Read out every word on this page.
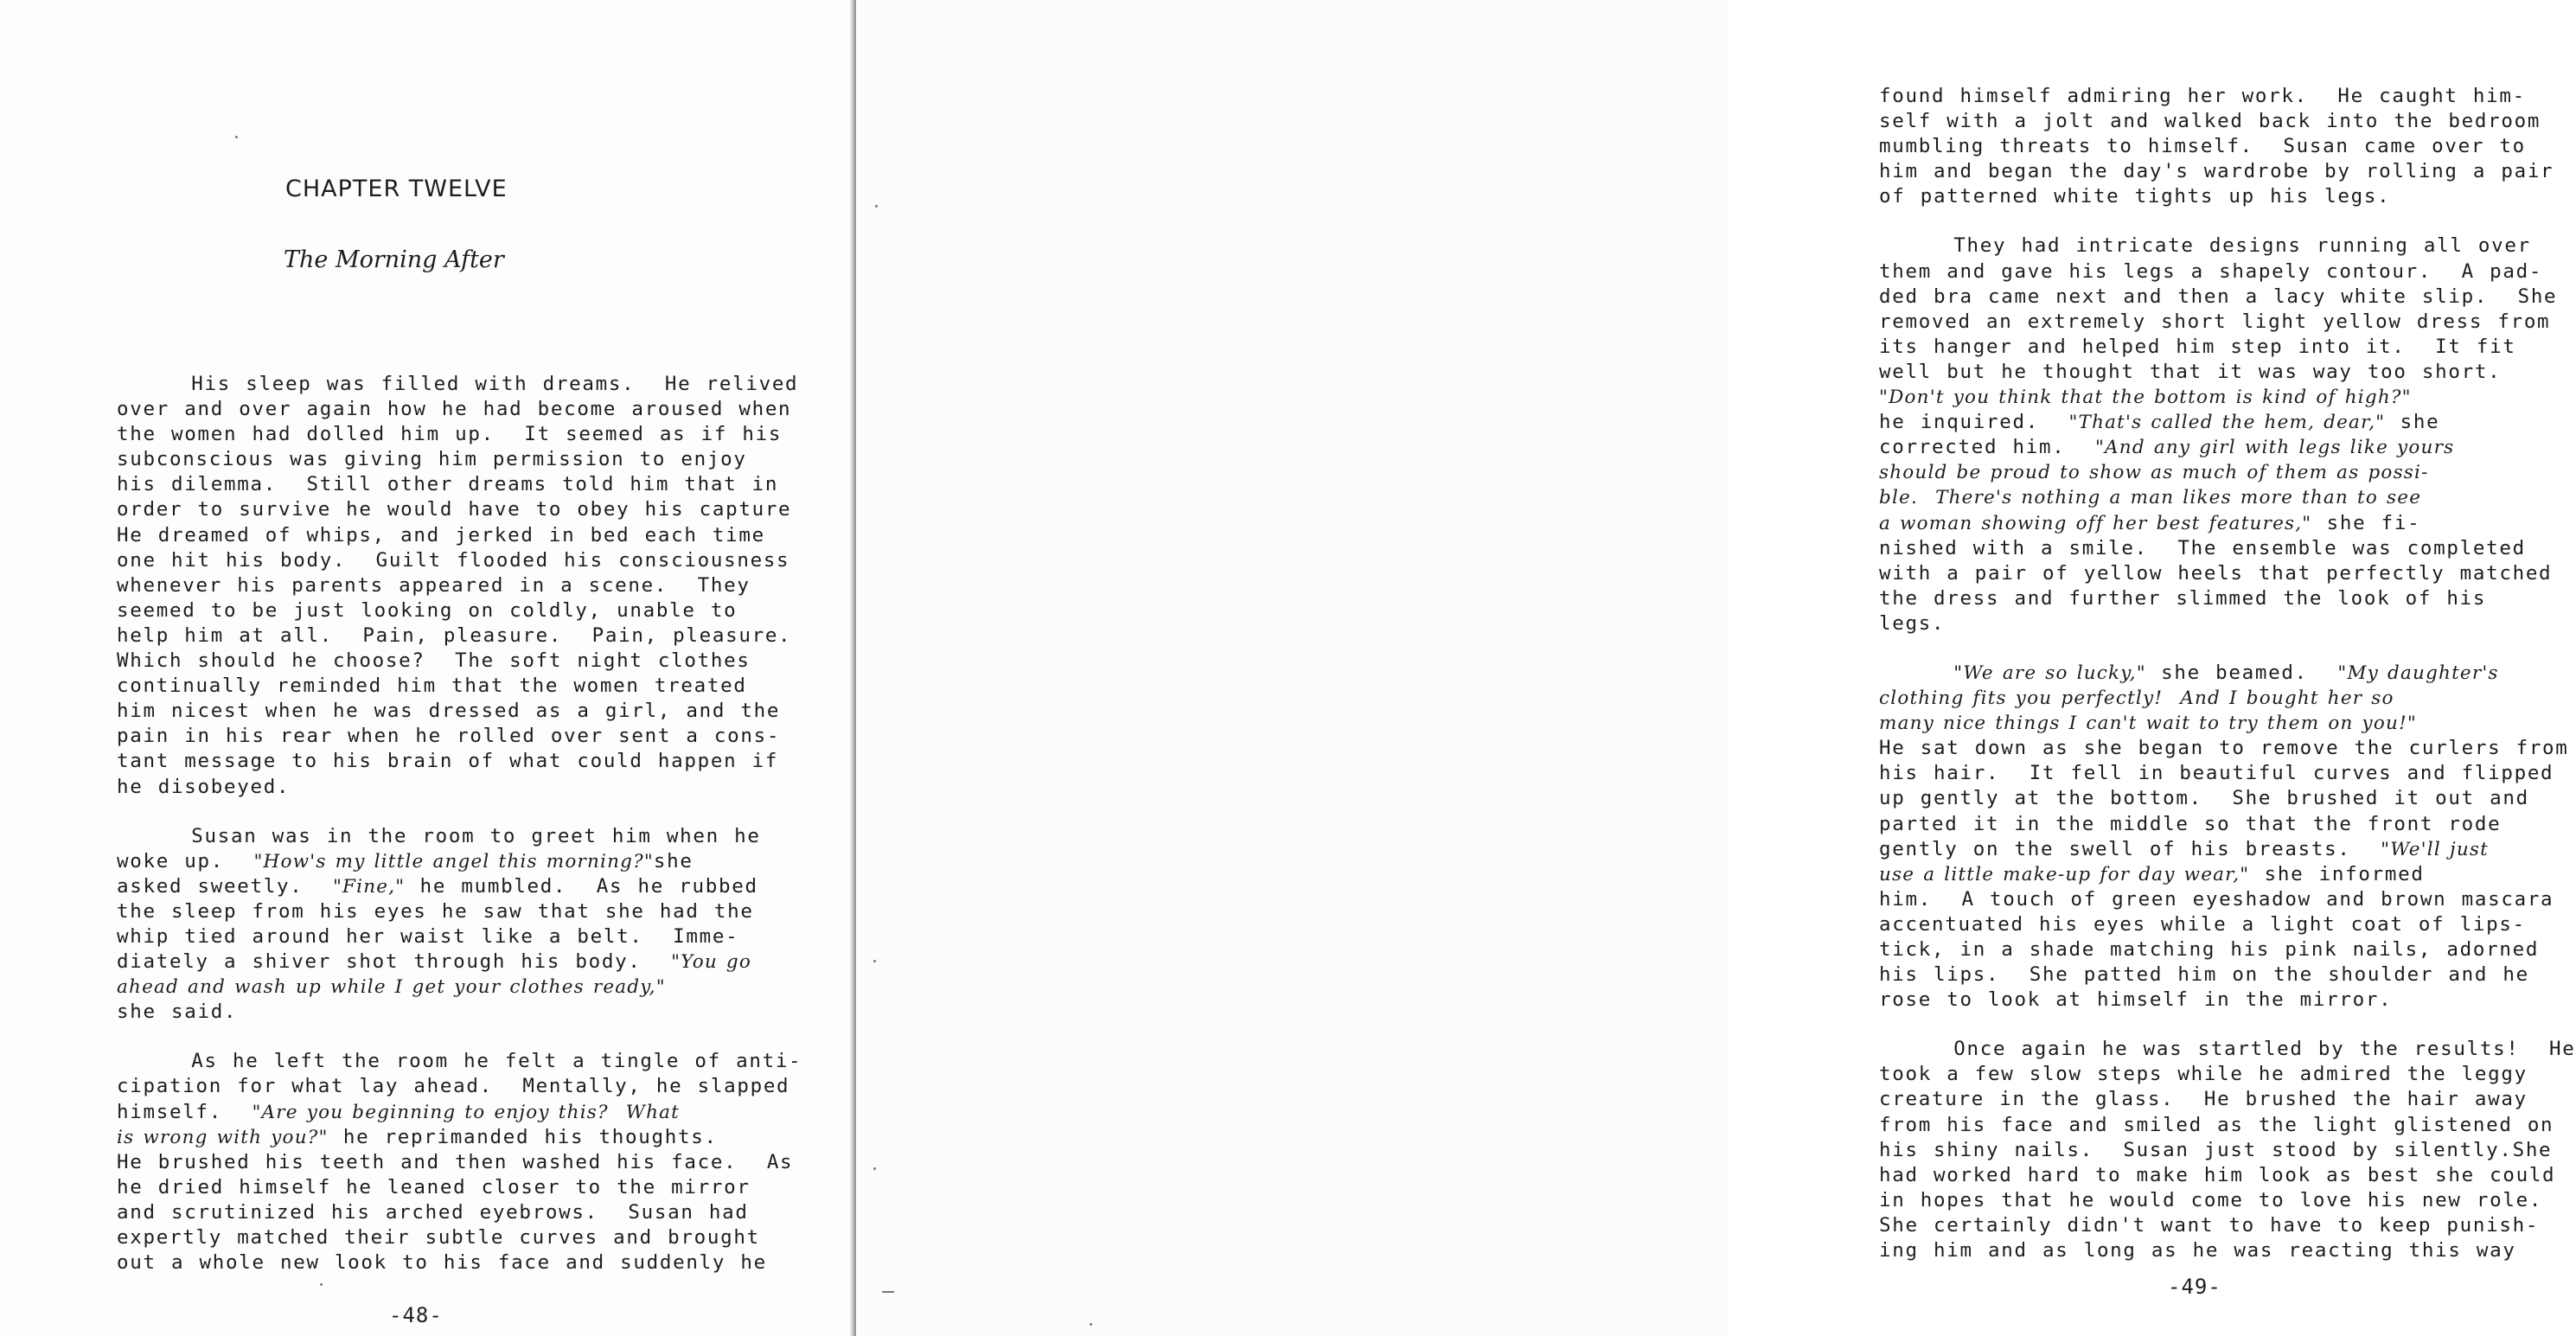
CHAPTER TWELVE
The Morning After
His sleep was filled with dreams.  He relived
over and over again how he had become aroused when
the women had dolled him up.  It seemed as if his
subconscious was giving him permission to enjoy
his dilemma.  Still other dreams told him that in
order to survive he would have to obey his capture
He dreamed of whips, and jerked in bed each time
one hit his body.  Guilt flooded his consciousness
whenever his parents appeared in a scene.  They
seemed to be just looking on coldly, unable to
help him at all.  Pain, pleasure.  Pain, pleasure.
Which should he choose?  The soft night clothes
continually reminded him that the women treated
him nicest when he was dressed as a girl, and the
pain in his rear when he rolled over sent a cons-
tant message to his brain of what could happen if
he disobeyed.
Susan was in the room to greet him when he
woke up.  "How's my little angel this morning?"she
asked sweetly.  "Fine," he mumbled.  As he rubbed
the sleep from his eyes he saw that she had the
whip tied around her waist like a belt.  Imme-
diately a shiver shot through his body.  "You go
ahead and wash up while I get your clothes ready,"
she said.
As he left the room he felt a tingle of anti-
cipation for what lay ahead.  Mentally, he slapped
himself.  "Are you beginning to enjoy this?  What
is wrong with you?" he reprimanded his thoughts.
He brushed his teeth and then washed his face.  As
he dried himself he leaned closer to the mirror
and scrutinized his arched eyebrows.  Susan had
expertly matched their subtle curves and brought
out a whole new look to his face and suddenly he
-48-
found himself admiring her work.  He caught him-
self with a jolt and walked back into the bedroom
mumbling threats to himself.  Susan came over to
him and began the day's wardrobe by rolling a pair
of patterned white tights up his legs.
They had intricate designs running all over
them and gave his legs a shapely contour.  A pad-
ded bra came next and then a lacy white slip.  She
removed an extremely short light yellow dress from
its hanger and helped him step into it.  It fit
well but he thought that it was way too short.
"Don't you think that the bottom is kind of high?"
he inquired.  "That's called the hem, dear," she
corrected him.  "And any girl with legs like yours
should be proud to show as much of them as possi-
ble.  There's nothing a man likes more than to see
a woman showing off her best features," she fi-
nished with a smile.  The ensemble was completed
with a pair of yellow heels that perfectly matched
the dress and further slimmed the look of his
legs.
"We are so lucky," she beamed.  "My daughter's
clothing fits you perfectly!  And I bought her so
many nice things I can't wait to try them on you!"
He sat down as she began to remove the curlers from
his hair.  It fell in beautiful curves and flipped
up gently at the bottom.  She brushed it out and
parted it in the middle so that the front rode
gently on the swell of his breasts.  "We'll just
use a little make-up for day wear," she informed
him.  A touch of green eyeshadow and brown mascara
accentuated his eyes while a light coat of lips-
tick, in a shade matching his pink nails, adorned
his lips.  She patted him on the shoulder and he
rose to look at himself in the mirror.
Once again he was startled by the results!  He
took a few slow steps while he admired the leggy
creature in the glass.  He brushed the hair away
from his face and smiled as the light glistened on
his shiny nails.  Susan just stood by silently.She
had worked hard to make him look as best she could
in hopes that he would come to love his new role.
She certainly didn't want to have to keep punish-
ing him and as long as he was reacting this way
-49-
